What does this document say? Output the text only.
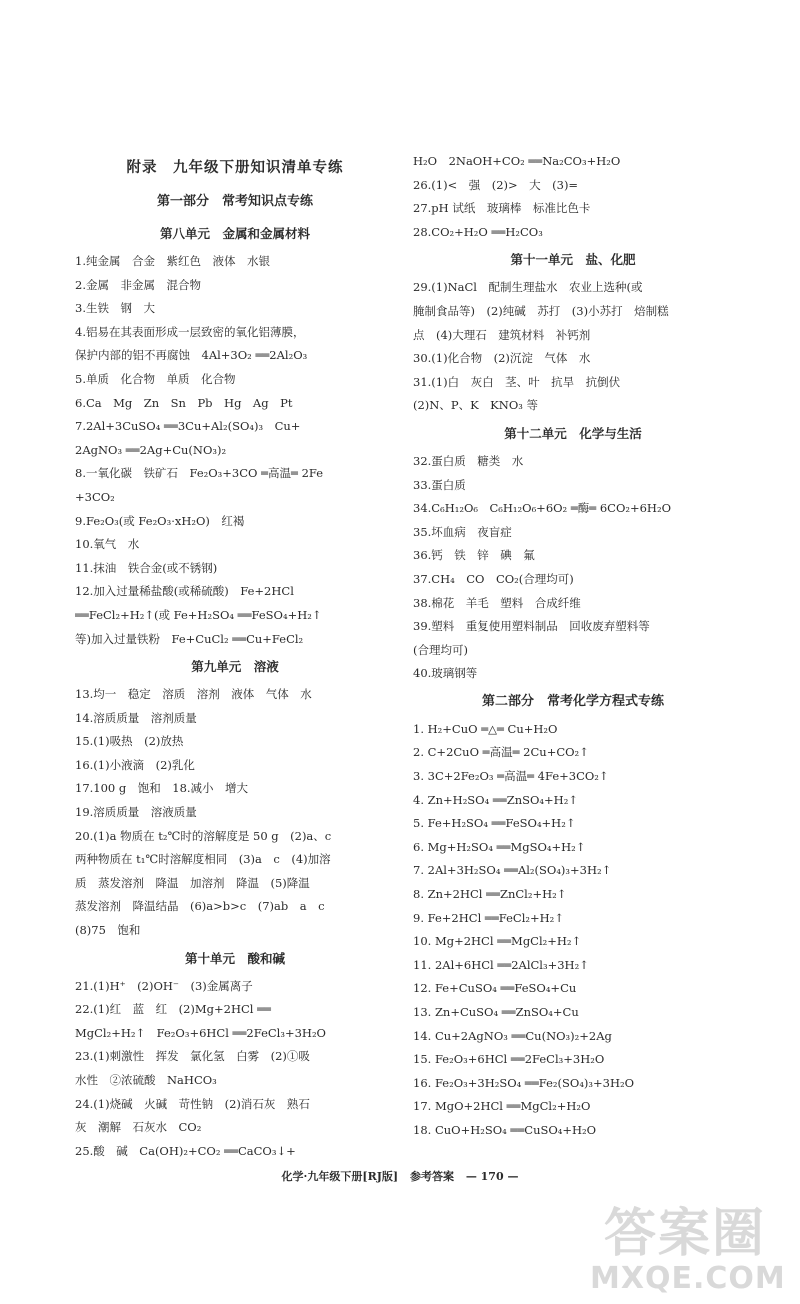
附录　九年级下册知识清单专练
第一部分　常考知识点专练
第八单元　金属和金属材料
1.纯金属　合金　紫红色　液体　水银
2.金属　非金属　混合物
3.生铁　钢　大
4.铝易在其表面形成一层致密的氧化铝薄膜，
保护内部的铝不再腐蚀　4Al+3O₂ ══2Al₂O₃
5.单质　化合物　单质　化合物
6.Ca　Mg　Zn　Sn　Pb　Hg　Ag　Pt
7.2Al+3CuSO₄ ══3Cu+Al₂(SO₄)₃　Cu+
2AgNO₃ ══2Ag+Cu(NO₃)₂
8.一氧化碳　铁矿石　Fe₂O₃+3CO ═高温═ 2Fe
+3CO₂
9.Fe₂O₃(或 Fe₂O₃·xH₂O)　红褐
10.氧气　水
11.抹油　铁合金(或不锈钢)
12.加入过量稀盐酸(或稀硫酸)　Fe+2HCl
══FeCl₂+H₂↑(或 Fe+H₂SO₄ ══FeSO₄+H₂↑
等)加入过量铁粉　Fe+CuCl₂ ══Cu+FeCl₂
第九单元　溶液
13.均一　稳定　溶质　溶剂　液体　气体　水
14.溶质质量　溶剂质量
15.(1)吸热　(2)放热
16.(1)小液滴　(2)乳化
17.100 g　饱和　18.减小　增大
19.溶质质量　溶液质量
20.(1)a 物质在 t₂℃时的溶解度是 50 g　(2)a、c
两种物质在 t₁℃时溶解度相同　(3)a　c　(4)加溶
质　蒸发溶剂　降温　加溶剂　降温　(5)降温
蒸发溶剂　降温结晶　(6)a>b>c　(7)ab　a　c
(8)75　饱和
第十单元　酸和碱
21.(1)H⁺　(2)OH⁻　(3)金属离子
22.(1)红　蓝　红　(2)Mg+2HCl ══
MgCl₂+H₂↑　Fe₂O₃+6HCl ══2FeCl₃+3H₂O
23.(1)刺激性　挥发　氯化氢　白雾　(2)①吸
水性　②浓硫酸　NaHCO₃
24.(1)烧碱　火碱　苛性钠　(2)消石灰　熟石
灰　潮解　石灰水　CO₂
25.酸　碱　Ca(OH)₂+CO₂ ══CaCO₃↓+
H₂O　2NaOH+CO₂ ══Na₂CO₃+H₂O
26.(1)<　强　(2)>　大　(3)=
27.pH 试纸　玻璃棒　标准比色卡
28.CO₂+H₂O ══H₂CO₃
第十一单元　盐、化肥
29.(1)NaCl　配制生理盐水　农业上选种(或
腌制食品等)　(2)纯碱　苏打　(3)小苏打　焙制糕
点　(4)大理石　建筑材料　补钙剂
30.(1)化合物　(2)沉淀　气体　水
31.(1)白　灰白　茎、叶　抗旱　抗倒伏
(2)N、P、K　KNO₃ 等
第十二单元　化学与生活
32.蛋白质　糖类　水
33.蛋白质
34.C₆H₁₂O₆　C₆H₁₂O₆+6O₂ ═酶═ 6CO₂+6H₂O
35.坏血病　夜盲症
36.钙　铁　锌　碘　氟
37.CH₄　CO　CO₂(合理均可)
38.棉花　羊毛　塑料　合成纤维
39.塑料　重复使用塑料制品　回收废弃塑料等
(合理均可)
40.玻璃钢等
第二部分　常考化学方程式专练
1. H₂+CuO ═△═ Cu+H₂O
2. C+2CuO ═高温═ 2Cu+CO₂↑
3. 3C+2Fe₂O₃ ═高温═ 4Fe+3CO₂↑
4. Zn+H₂SO₄ ══ZnSO₄+H₂↑
5. Fe+H₂SO₄ ══FeSO₄+H₂↑
6. Mg+H₂SO₄ ══MgSO₄+H₂↑
7. 2Al+3H₂SO₄ ══Al₂(SO₄)₃+3H₂↑
8. Zn+2HCl ══ZnCl₂+H₂↑
9. Fe+2HCl ══FeCl₂+H₂↑
10. Mg+2HCl ══MgCl₂+H₂↑
11. 2Al+6HCl ══2AlCl₃+3H₂↑
12. Fe+CuSO₄ ══FeSO₄+Cu
13. Zn+CuSO₄ ══ZnSO₄+Cu
14. Cu+2AgNO₃ ══Cu(NO₃)₂+2Ag
15. Fe₂O₃+6HCl ══2FeCl₃+3H₂O
16. Fe₂O₃+3H₂SO₄ ══Fe₂(SO₄)₃+3H₂O
17. MgO+2HCl ══MgCl₂+H₂O
18. CuO+H₂SO₄ ══CuSO₄+H₂O
化学·九年级下册[RJ版] 参考答案 — 170 —
答案圈
MXQE.COM
